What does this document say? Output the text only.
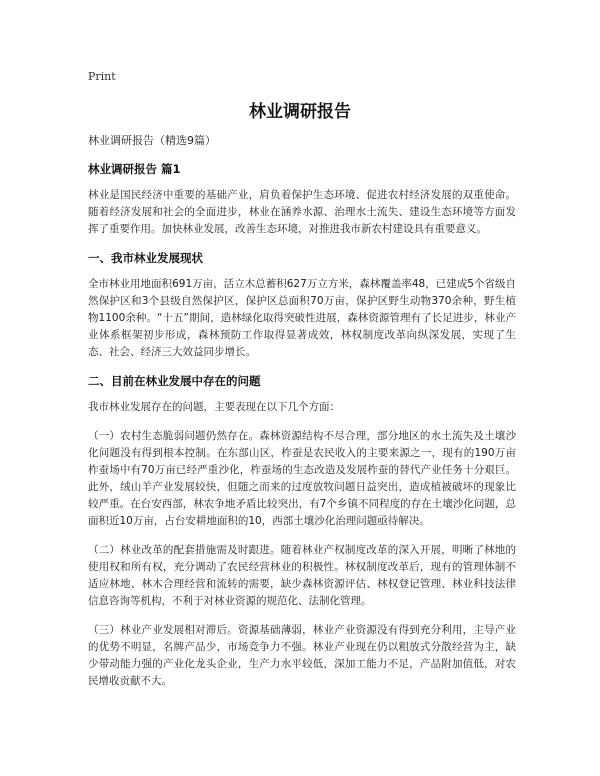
Print
林业调研报告

林业调研报告（精选9篇）

林业调研报告 篇1

林业是国民经济中重要的基础产业，肩负着保护生态环境、促进农村经济发展的双重使命。随着经济发展和社会的全面进步，林业在涵养水源、治理水土流失、建设生态环境等方面发挥了重要作用。加快林业发展，改善生态环境，对推进我市新农村建设具有重要意义。

一、我市林业发展现状

全市林业用地面积691万亩，活立木总蓄积627万立方米，森林覆盖率48，已建成5个省级自然保护区和3个县级自然保护区，保护区总面积70万亩，保护区野生动物370余种，野生植物1100余种。“十五”期间，造林绿化取得突破性进展，森林资源管理有了长足进步，林业产业体系框架初步形成，森林预防工作取得显著成效，林权制度改革向纵深发展，实现了生态、社会、经济三大效益同步增长。

二、目前在林业发展中存在的问题

我市林业发展存在的问题，主要表现在以下几个方面：

（一）农村生态脆弱问题仍然存在。森林资源结构不尽合理，部分地区的水土流失及土壤沙化问题没有得到根本控制。在东部山区，柞蚕是农民收入的主要来源之一，现有的190万亩柞蚕场中有70万亩已经严重沙化，柞蚕场的生态改造及发展柞蚕的替代产业任务十分艰巨。此外，绒山羊产业发展较快，但随之而来的过度放牧问题日益突出，造成植被破坏的现象比较严重。在台安西部，林农争地矛盾比较突出，有7个乡镇不同程度的存在土壤沙化问题，总面积近10万亩，占台安耕地面积的10，西部土壤沙化治理问题亟待解决。

（二）林业改革的配套措施需及时跟进。随着林业产权制度改革的深入开展，明晰了林地的使用权和所有权，充分调动了农民经营林业的积极性。林权制度改革后，现有的管理体制不适应林地、林木合理经营和流转的需要，缺少森林资源评估、林权登记管理、林业科技法律信息咨询等机构，不利于对林业资源的规范化、法制化管理。

（三）林业产业发展相对滞后。资源基础薄弱，林业产业资源没有得到充分利用，主导产业的优势不明显，名牌产品少，市场竞争力不强。林业产业现在仍以粗放式分散经营为主，缺少带动能力强的产业化龙头企业，生产力水平较低，深加工能力不足，产品附加值低，对农民增收贡献不大。
